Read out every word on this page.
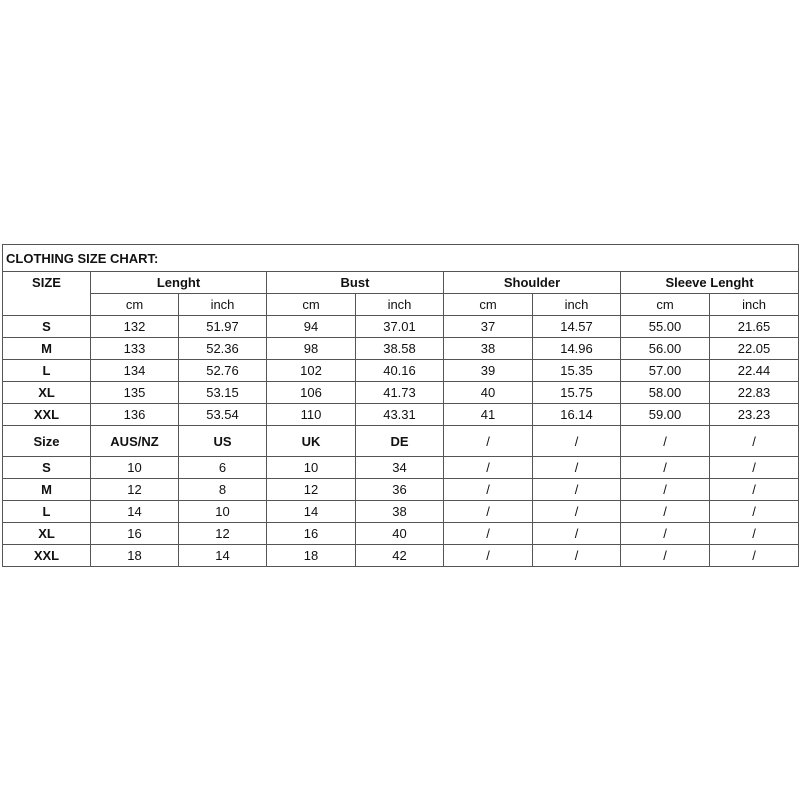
CLOTHING SIZE CHART:								
SIZE	Lenght		Bust		Shoulder		Sleeve Lenght	
	cm	inch	cm	inch	cm	inch	cm	inch
S	132	51.97	94	37.01	37	14.57	55.00	21.65
M	133	52.36	98	38.58	38	14.96	56.00	22.05
L	134	52.76	102	40.16	39	15.35	57.00	22.44
XL	135	53.15	106	41.73	40	15.75	58.00	22.83
XXL	136	53.54	110	43.31	41	16.14	59.00	23.23
Size	AUS/NZ	US	UK	DE	/	/	/	/
S	10	6	10	34	/	/	/	/
M	12	8	12	36	/	/	/	/
L	14	10	14	38	/	/	/	/
XL	16	12	16	40	/	/	/	/
XXL	18	14	18	42	/	/	/	/
